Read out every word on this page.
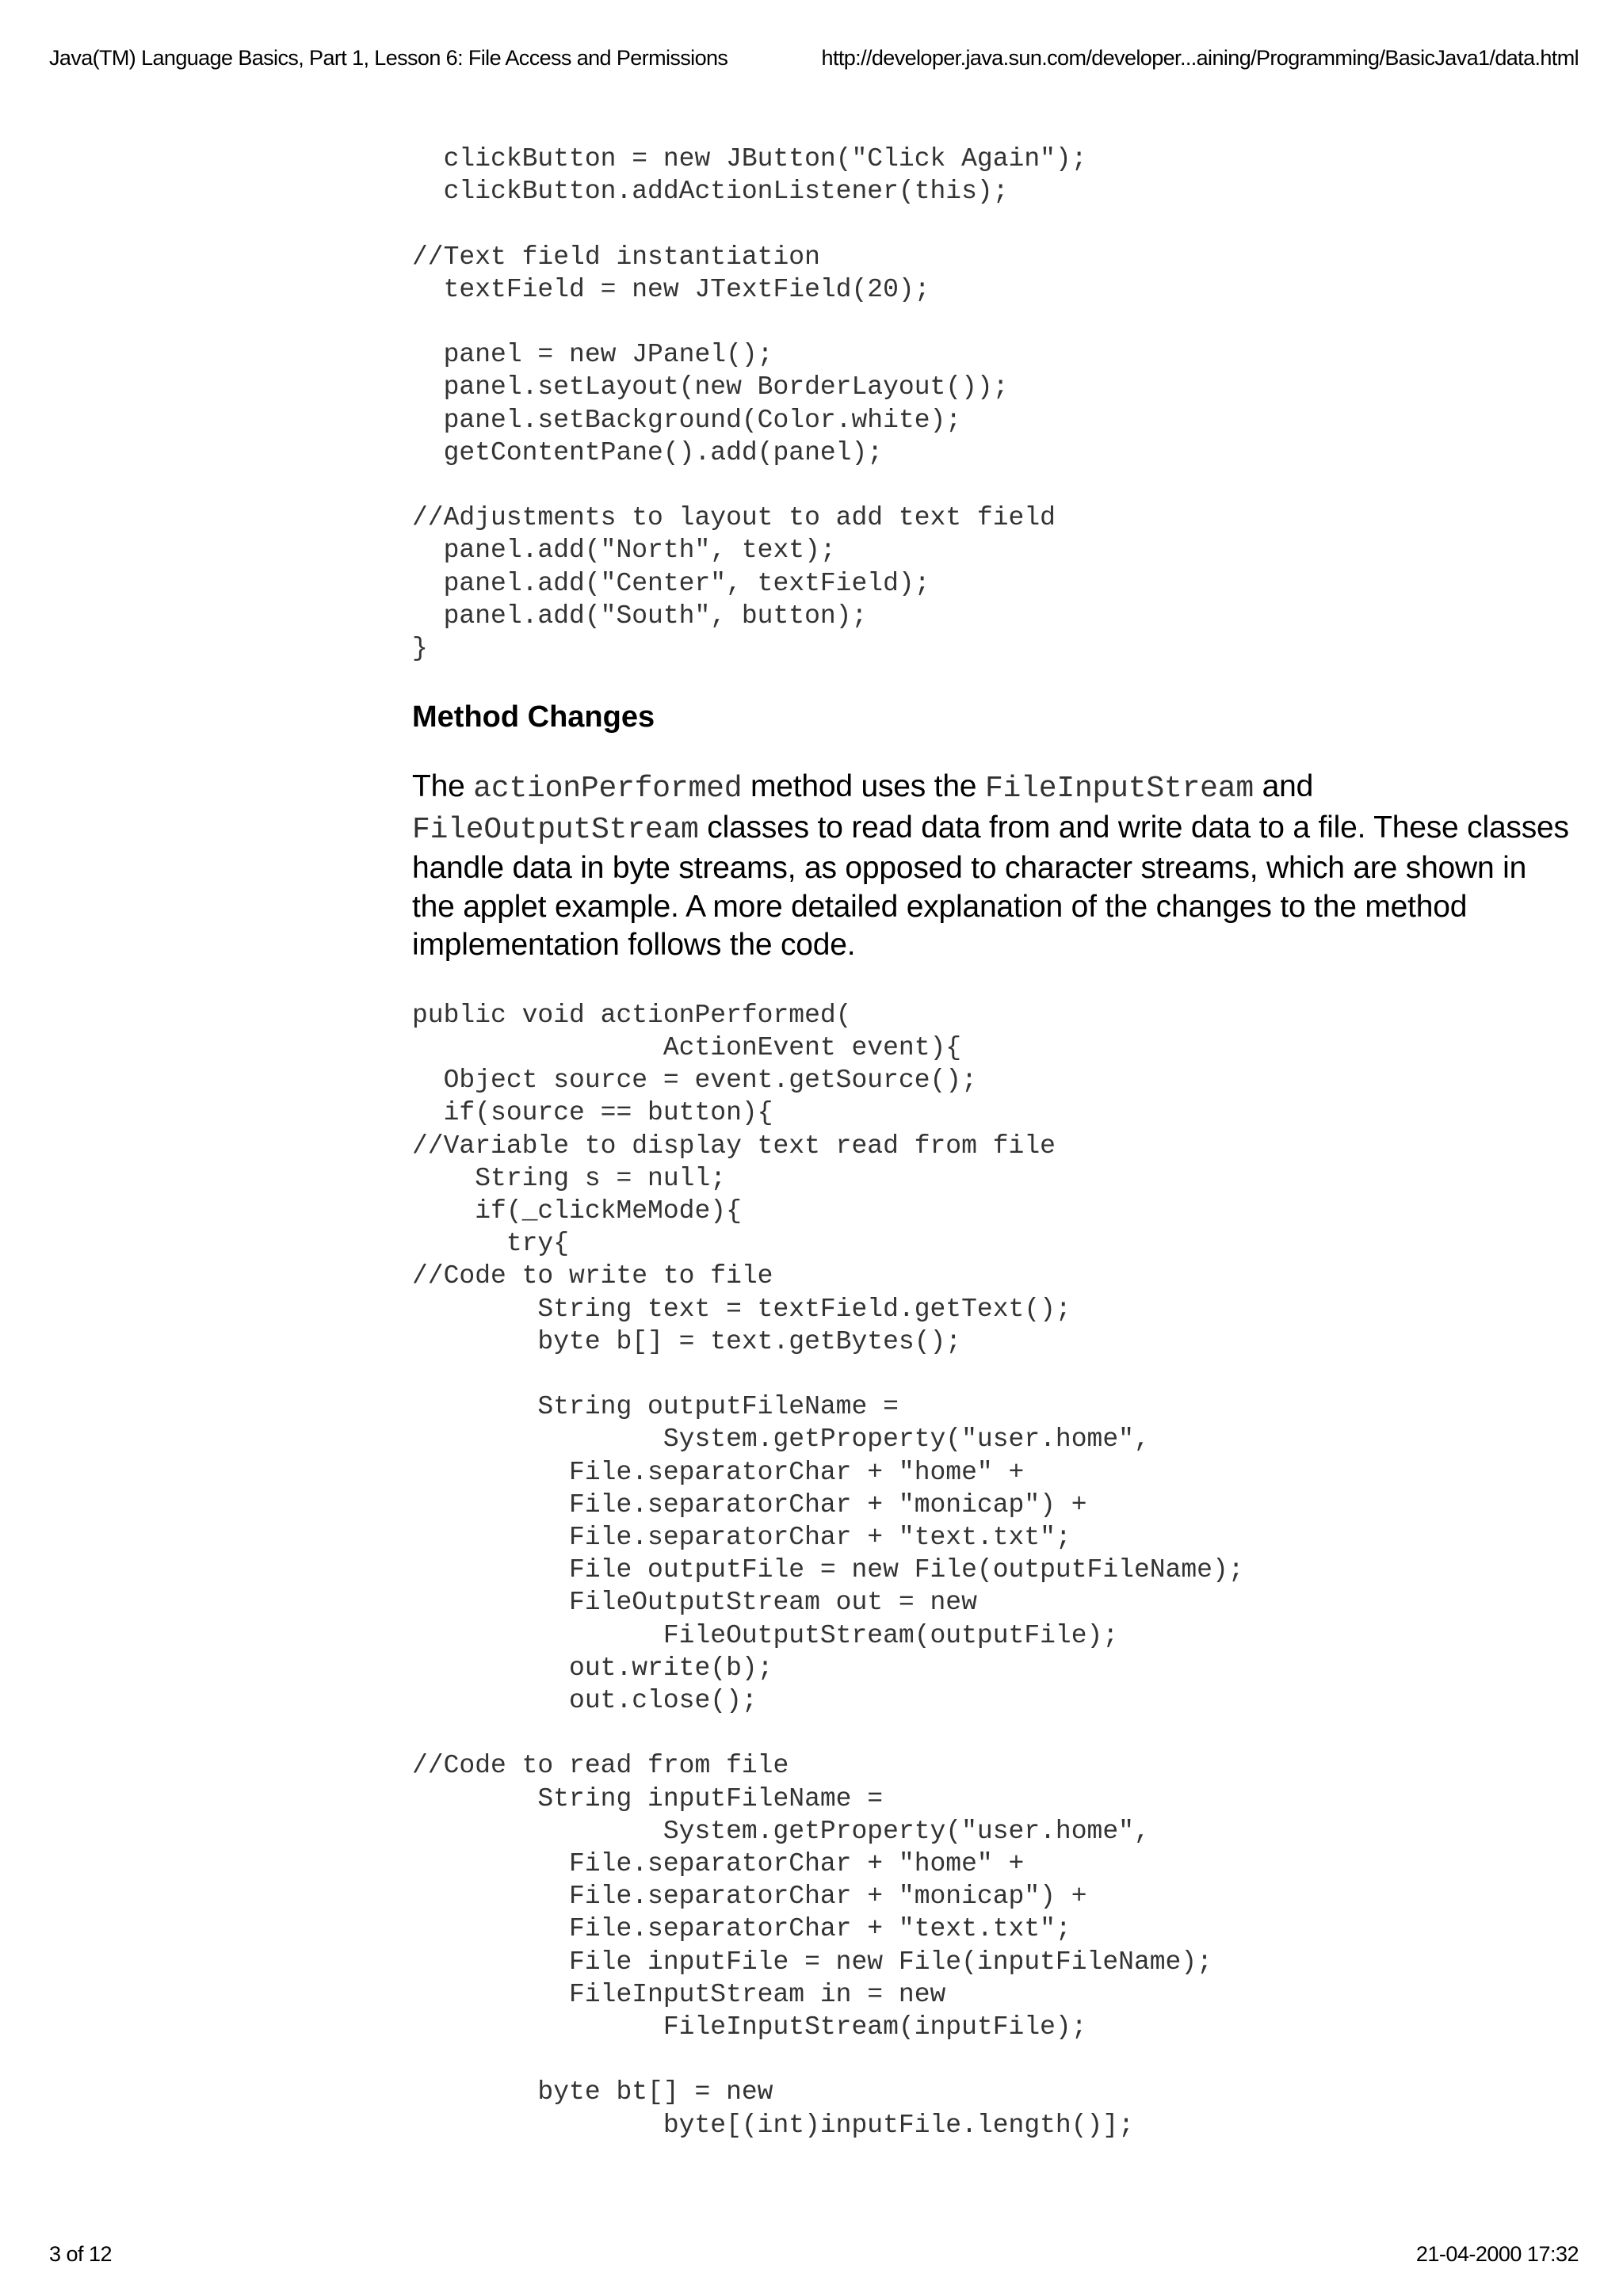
Java(TM) Language Basics, Part 1, Lesson 6: File Access and Permissions	http://developer.java.sun.com/developer...aining/Programming/BasicJava1/data.html
clickButton = new JButton("Click Again");
clickButton.addActionListener(this);

//Text field instantiation
textField = new JTextField(20);

panel = new JPanel();
panel.setLayout(new BorderLayout());
panel.setBackground(Color.white);
getContentPane().add(panel);

//Adjustments to layout to add text field
panel.add("North", text);
panel.add("Center", textField);
panel.add("South", button);
}
Method Changes

The actionPerformed method uses the FileInputStream and FileOutputStream classes to read data from and write data to a file. These classes handle data in byte streams, as opposed to character streams, which are shown in the applet example. A more detailed explanation of the changes to the method implementation follows the code.

public void actionPerformed(
ActionEvent event){
Object source = event.getSource();
if(source == button){
//Variable to display text read from file
String s = null;
if(_clickMeMode){
try{
//Code to write to file
String text = textField.getText();
byte b[] = text.getBytes();

String outputFileName =
System.getProperty("user.home",
File.separatorChar + "home" +
File.separatorChar + "monicap") +
File.separatorChar + "text.txt";
File outputFile = new File(outputFileName);
FileOutputStream out = new
FileOutputStream(outputFile);
out.write(b);
out.close();

//Code to read from file
String inputFileName =
System.getProperty("user.home",
File.separatorChar + "home" +
File.separatorChar + "monicap") +
File.separatorChar + "text.txt";
File inputFile = new File(inputFileName);
FileInputStream in = new
FileInputStream(inputFile);

byte bt[] = new
byte[(int)inputFile.length()];
3 of 12	21-04-2000 17:32
